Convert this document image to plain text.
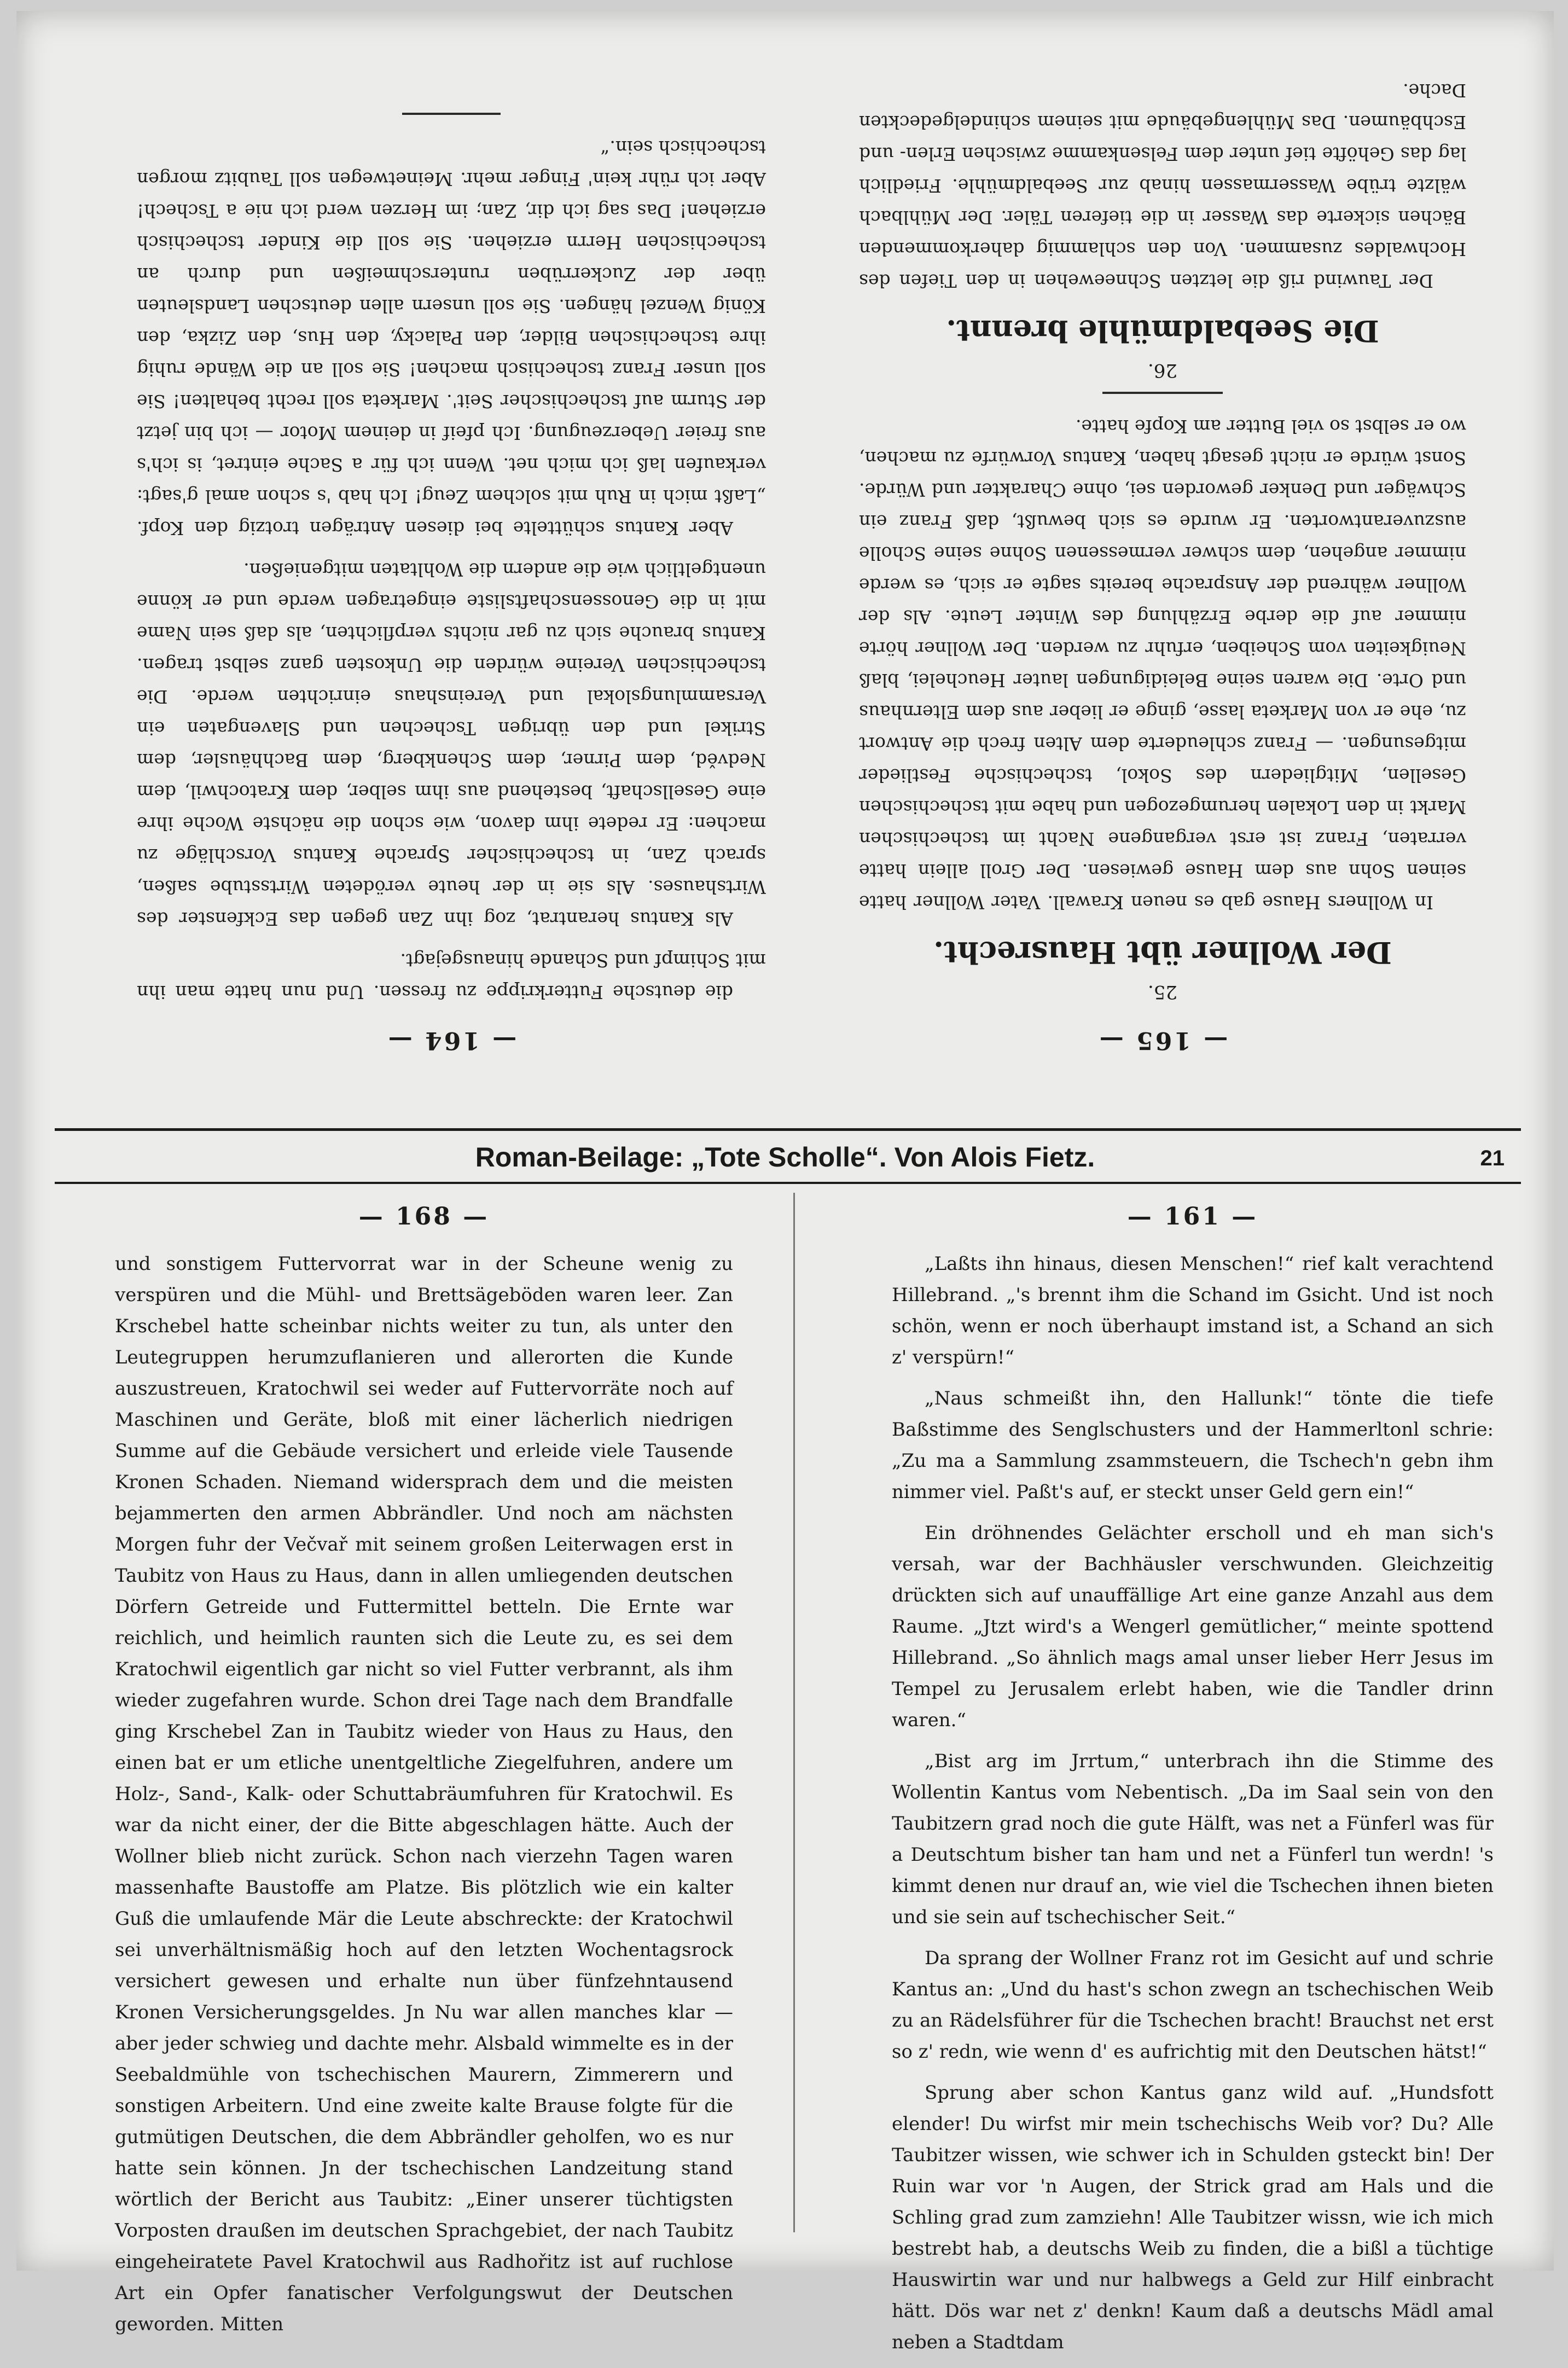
— 165 —
25.
Der Wollner übt Hausrecht.

In Wollners Hause gab es neuen Krawall. Vater Wollner hatte seinen Sohn aus dem Hause gewiesen. Der Groll allein hatte verraten, Franz ist erst vergangene Nacht im tschechischen Markt in den Lokalen herumgezogen und habe mit tschechischen Gesellen, Mitgliedern des Sokol, tschechische Festlieder mitgesungen. — Franz schleuderte dem Alten frech die Antwort zu, ehe er von Marketa lasse, ginge er lieber aus dem Elternhaus und Orte. Die waren seine Beleidigungen lauter Heuchelei, blaß Neuigkeiten vom Scheiben, erfuhr zu werden. Der Wollner hörte nimmer auf die derbe Erzählung des Winter Leute. Als der Wollner während der Ansprache bereits sagte er sich, es werde nimmer angehen, dem schwer vermessenen Sohne seine Scholle auszuverantworten. Er wurde es sich bewußt, daß Franz ein Schwäger und Denker geworden sei, ohne Charakter und Würde. Sonst würde er nicht gesagt haben, Kantus Vorwürfe zu machen, wo er selbst so viel Butter am Kopfe hatte.

26.
Die Seebaldmühle brennt.

Der Tauwind riß die letzten Schneewehen in den Tiefen des Hochwaldes zusammen. Von den schlammig daherkommenden Bächen sickerte das Wasser in die tieferen Täler. Der Mühlbach wälzte trübe Wassermassen hinab zur Seebaldmühle. Friedlich lag das Gehöfte tief unter dem Felsenkamme zwischen Erlen- und Eschbäumen. Das Mühlengebäude mit seinem schindelgedeckten Dache.

— 164 —

die deutsche Futterkrippe zu fressen. Und nun hatte man ihn mit Schimpf und Schande hinausgejagt.

Als Kantus herantrat, zog ihn Zan gegen das Eckfenster des Wirtshauses. Als sie in der heute verödeten Wirtsstube saßen, sprach Zan, in tschechischer Sprache Kantus Vorschläge zu machen: Er redete ihm davon, wie schon die nächste Woche ihre eine Gesellschaft, bestehend aus ihm selber, dem Kratochwil, dem Nedvěd, dem Pirner, dem Schenkberg, dem Bachhäusler, dem Strikel und den übrigen Tschechen und Slavengaten ein Versammlungslokal und Vereinshaus einrichten werde. Die tschechischen Vereine würden die Unkosten ganz selbst tragen. Kantus brauche sich zu gar nichts verpflichten, als daß sein Name mit in die Genossenschaftsliste eingetragen werde und er könne unentgeltlich wie die andern die Wohltaten mitgenießen.

Aber Kantus schüttelte bei diesen Anträgen trotzig den Kopf. „Laßt mich in Ruh mit solchem Zeug! Ich hab 's schon amal g'sagt: verkaufen laß ich mich net. Wenn ich für a Sache eintret, is ich's aus freier Ueberzeugung. Ich pfeif in deinem Motor — ich bin jetzt der Sturm auf tschechischer Seit'. Marketa soll recht behalten! Sie soll unser Franz tschechisch machen! Sie soll an die Wände ruhig ihre tschechischen Bilder, den Palacky, den Hus, den Zizka, den König Wenzel hängen. Sie soll unsern allen deutschen Landsleuten über der Zuckerrüben runterschmeißen und durch an tschechischen Herrn erziehen. Sie soll die Kinder tschechisch erziehen! Das sag ich dir, Zan; im Herzen werd ich nie a Tschech! Aber ich rühr kein' Finger mehr. Meinetwegen soll Taubitz morgen tschechisch sein.“

Roman-Beilage: „Tote Scholle“. Von Alois Fietz.	21
— 168 —

und sonstigem Futtervorrat war in der Scheune wenig zu verspüren und die Mühl- und Brettsägeböden waren leer. Zan Krschebel hatte scheinbar nichts weiter zu tun, als unter den Leutegruppen herumzuflanieren und allerorten die Kunde auszustreuen, Kratochwil sei weder auf Futtervorräte noch auf Maschinen und Geräte, bloß mit einer lächerlich niedrigen Summe auf die Gebäude versichert und erleide viele Tausende Kronen Schaden. Niemand widersprach dem und die meisten bejammerten den armen Abbrändler. Und noch am nächsten Morgen fuhr der Večvař mit seinem großen Leiterwagen erst in Taubitz von Haus zu Haus, dann in allen umliegenden deutschen Dörfern Getreide und Futtermittel betteln. Die Ernte war reichlich, und heimlich raunten sich die Leute zu, es sei dem Kratochwil eigentlich gar nicht so viel Futter verbrannt, als ihm wieder zugefahren wurde. Schon drei Tage nach dem Brandfalle ging Krschebel Zan in Taubitz wieder von Haus zu Haus, den einen bat er um etliche unentgeltliche Ziegelfuhren, andere um Holz-, Sand-, Kalk- oder Schuttabräumfuhren für Kratochwil. Es war da nicht einer, der die Bitte abgeschlagen hätte. Auch der Wollner blieb nicht zurück. Schon nach vierzehn Tagen waren massenhafte Baustoffe am Platze. Bis plötzlich wie ein kalter Guß die umlaufende Mär die Leute abschreckte: der Kratochwil sei unverhältnismäßig hoch auf den letzten Wochentagsrock versichert gewesen und erhalte nun über fünfzehntausend Kronen Versicherungsgeldes. Jn Nu war allen manches klar — aber jeder schwieg und dachte mehr. Alsbald wimmelte es in der Seebaldmühle von tschechischen Maurern, Zimmerern und sonstigen Arbeitern. Und eine zweite kalte Brause folgte für die gutmütigen Deutschen, die dem Abbrändler geholfen, wo es nur hatte sein können. Jn der tschechischen Landzeitung stand wörtlich der Bericht aus Taubitz: „Einer unserer tüchtigsten Vorposten draußen im deutschen Sprachgebiet, der nach Taubitz eingeheiratete Pavel Kratochwil aus Radhořitz ist auf ruchlose Art ein Opfer fanatischer Verfolgungswut der Deutschen geworden. Mitten

— 161 —

„Laßts ihn hinaus, diesen Menschen!“ rief kalt verachtend Hillebrand. „'s brennt ihm die Schand im Gsicht. Und ist noch schön, wenn er noch überhaupt imstand ist, a Schand an sich z' verspürn!“

„Naus schmeißt ihn, den Hallunk!“ tönte die tiefe Baßstimme des Senglschusters und der Hammerltonl schrie: „Zu ma a Sammlung zsammsteuern, die Tschech'n gebn ihm nimmer viel. Paßt's auf, er steckt unser Geld gern ein!“

Ein dröhnendes Gelächter erscholl und eh man sich's versah, war der Bachhäusler verschwunden. Gleichzeitig drückten sich auf unauffällige Art eine ganze Anzahl aus dem Raume. „Jtzt wird's a Wengerl gemütlicher,“ meinte spottend Hillebrand. „So ähnlich mags amal unser lieber Herr Jesus im Tempel zu Jerusalem erlebt haben, wie die Tandler drinn waren.“

„Bist arg im Jrrtum,“ unterbrach ihn die Stimme des Wollentin Kantus vom Nebentisch. „Da im Saal sein von den Taubitzern grad noch die gute Hälft, was net a Fünferl was für a Deutschtum bisher tan ham und net a Fünferl tun werdn! 's kimmt denen nur drauf an, wie viel die Tschechen ihnen bieten und sie sein auf tschechischer Seit.“

Da sprang der Wollner Franz rot im Gesicht auf und schrie Kantus an: „Und du hast's schon zwegn an tschechischen Weib zu an Rädelsführer für die Tschechen bracht! Brauchst net erst so z' redn, wie wenn d' es aufrichtig mit den Deutschen hätst!“

Sprung aber schon Kantus ganz wild auf. „Hundsfott elender! Du wirfst mir mein tschechischs Weib vor? Du? Alle Taubitzer wissen, wie schwer ich in Schulden gsteckt bin! Der Ruin war vor 'n Augen, der Strick grad am Hals und die Schling grad zum zamziehn! Alle Taubitzer wissn, wie ich mich bestrebt hab, a deutschs Weib zu finden, die a bißl a tüchtige Hauswirtin war und nur halbwegs a Geld zur Hilf einbracht hätt. Dös war net z' denkn! Kaum daß a deutschs Mädl amal neben a Stadtdam
